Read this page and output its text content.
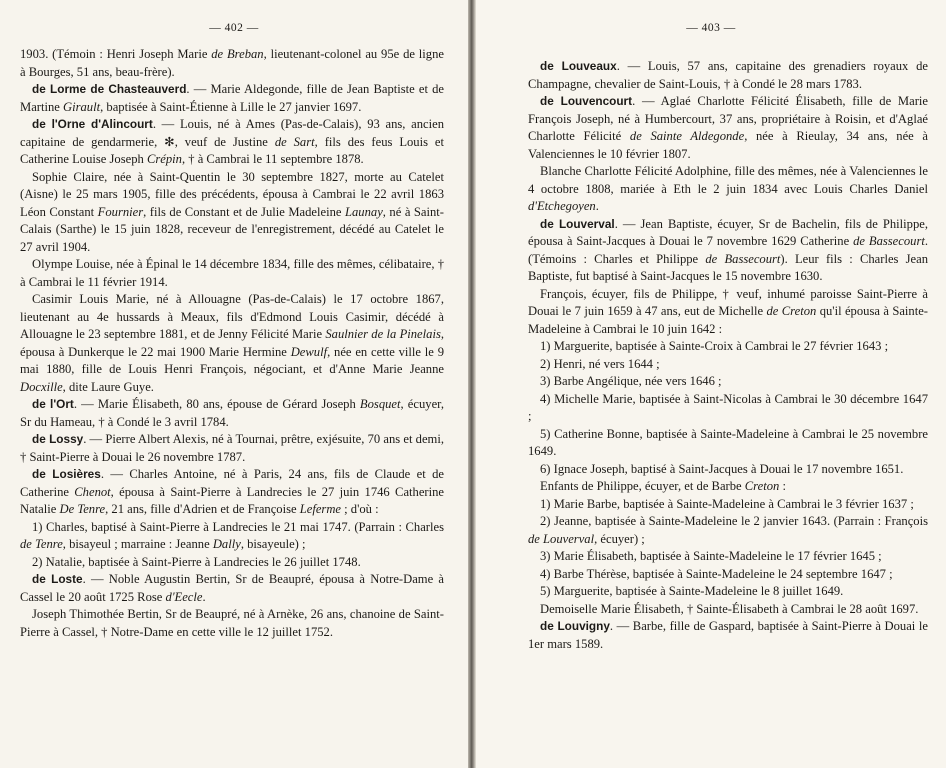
— 402 —

1903. (Témoin : Henri Joseph Marie de Breban, lieutenant-colonel au 95e de ligne à Bourges, 51 ans, beau-frère).

de Lorme de Chasteauverd. — Marie Aldegonde, fille de Jean Baptiste et de Martine Girault, baptisée à Saint-Étienne à Lille le 27 janvier 1697.

de l'Orne d'Alincourt. — Louis, né à Ames (Pas-de-Calais), 93 ans, ancien capitaine de gendarmerie, ✻, veuf de Justine de Sart, fils des feus Louis et Catherine Louise Joseph Crépin, † à Cambrai le 11 septembre 1878.

Sophie Claire, née à Saint-Quentin le 30 septembre 1827, morte au Catelet (Aisne) le 25 mars 1905, fille des précédents, épousa à Cambrai le 22 avril 1863 Léon Constant Fournier, fils de Constant et de Julie Madeleine Launay, né à Saint-Calais (Sarthe) le 15 juin 1828, receveur de l'enregistrement, décédé au Catelet le 27 avril 1904.

Olympe Louise, née à Épinal le 14 décembre 1834, fille des mêmes, célibataire, † à Cambrai le 11 février 1914.

Casimir Louis Marie, né à Allouagne (Pas-de-Calais) le 17 octobre 1867, lieutenant au 4e hussards à Meaux, fils d'Edmond Louis Casimir, décédé à Allouagne le 23 septembre 1881, et de Jenny Félicité Marie Saulnier de la Pinelais, épousa à Dunkerque le 22 mai 1900 Marie Hermine Dewulf, née en cette ville le 9 mai 1880, fille de Louis Henri François, négociant, et d'Anne Marie Jeanne Docxille, dite Laure Guye.

de l'Ort. — Marie Élisabeth, 80 ans, épouse de Gérard Joseph Bosquet, écuyer, Sr du Hameau, † à Condé le 3 avril 1784.

de Lossy. — Pierre Albert Alexis, né à Tournai, prêtre, exjésuite, 70 ans et demi, † Saint-Pierre à Douai le 26 novembre 1787.

de Losières. — Charles Antoine, né à Paris, 24 ans, fils de Claude et de Catherine Chenot, épousa à Saint-Pierre à Landrecies le 27 juin 1746 Catherine Natalie De Tenre, 21 ans, fille d'Adrien et de Françoise Leferme ; d'où :

1) Charles, baptisé à Saint-Pierre à Landrecies le 21 mai 1747. (Parrain : Charles de Tenre, bisayeul ; marraine : Jeanne Dally, bisayeule) ;

2) Natalie, baptisée à Saint-Pierre à Landrecies le 26 juillet 1748.

de Loste. — Noble Augustin Bertin, Sr de Beaupré, épousa à Notre-Dame à Cassel le 20 août 1725 Rose d'Eecle.

Joseph Thimothée Bertin, Sr de Beaupré, né à Arnèke, 26 ans, chanoine de Saint-Pierre à Cassel, † Notre-Dame en cette ville le 12 juillet 1752.

— 403 —

de Louveaux. — Louis, 57 ans, capitaine des grenadiers royaux de Champagne, chevalier de Saint-Louis, † à Condé le 28 mars 1783.

de Louvencourt. — Aglaé Charlotte Félicité Élisabeth, fille de Marie François Joseph, né à Humbercourt, 37 ans, propriétaire à Roisin, et d'Aglaé Charlotte Félicité de Sainte Aldegonde, née à Rieulay, 34 ans, née à Valenciennes le 10 février 1807.

Blanche Charlotte Félicité Adolphine, fille des mêmes, née à Valenciennes le 4 octobre 1808, mariée à Eth le 2 juin 1834 avec Louis Charles Daniel d'Etchegoyen.

de Louverval. — Jean Baptiste, écuyer, Sr de Bachelin, fils de Philippe, épousa à Saint-Jacques à Douai le 7 novembre 1629 Catherine de Bassecourt. (Témoins : Charles et Philippe de Bassecourt). Leur fils : Charles Jean Baptiste, fut baptisé à Saint-Jacques le 15 novembre 1630.

François, écuyer, fils de Philippe, † veuf, inhumé paroisse Saint-Pierre à Douai le 7 juin 1659 à 47 ans, eut de Michelle de Creton qu'il épousa à Sainte-Madeleine à Cambrai le 10 juin 1642 :

1) Marguerite, baptisée à Sainte-Croix à Cambrai le 27 février 1643 ;

2) Henri, né vers 1644 ;

3) Barbe Angélique, née vers 1646 ;

4) Michelle Marie, baptisée à Saint-Nicolas à Cambrai le 30 décembre 1647 ;

5) Catherine Bonne, baptisée à Sainte-Madeleine à Cambrai le 25 novembre 1649.

6) Ignace Joseph, baptisé à Saint-Jacques à Douai le 17 novembre 1651.

Enfants de Philippe, écuyer, et de Barbe Creton :

1) Marie Barbe, baptisée à Sainte-Madeleine à Cambrai le 3 février 1637 ;

2) Jeanne, baptisée à Sainte-Madeleine le 2 janvier 1643. (Parrain : François de Louverval, écuyer) ;

3) Marie Élisabeth, baptisée à Sainte-Madeleine le 17 février 1645 ;

4) Barbe Thérèse, baptisée à Sainte-Madeleine le 24 septembre 1647 ;

5) Marguerite, baptisée à Sainte-Madeleine le 8 juillet 1649.

Demoiselle Marie Élisabeth, † Sainte-Élisabeth à Cambrai le 28 août 1697.

de Louvigny. — Barbe, fille de Gaspard, baptisée à Saint-Pierre à Douai le 1er mars 1589.
